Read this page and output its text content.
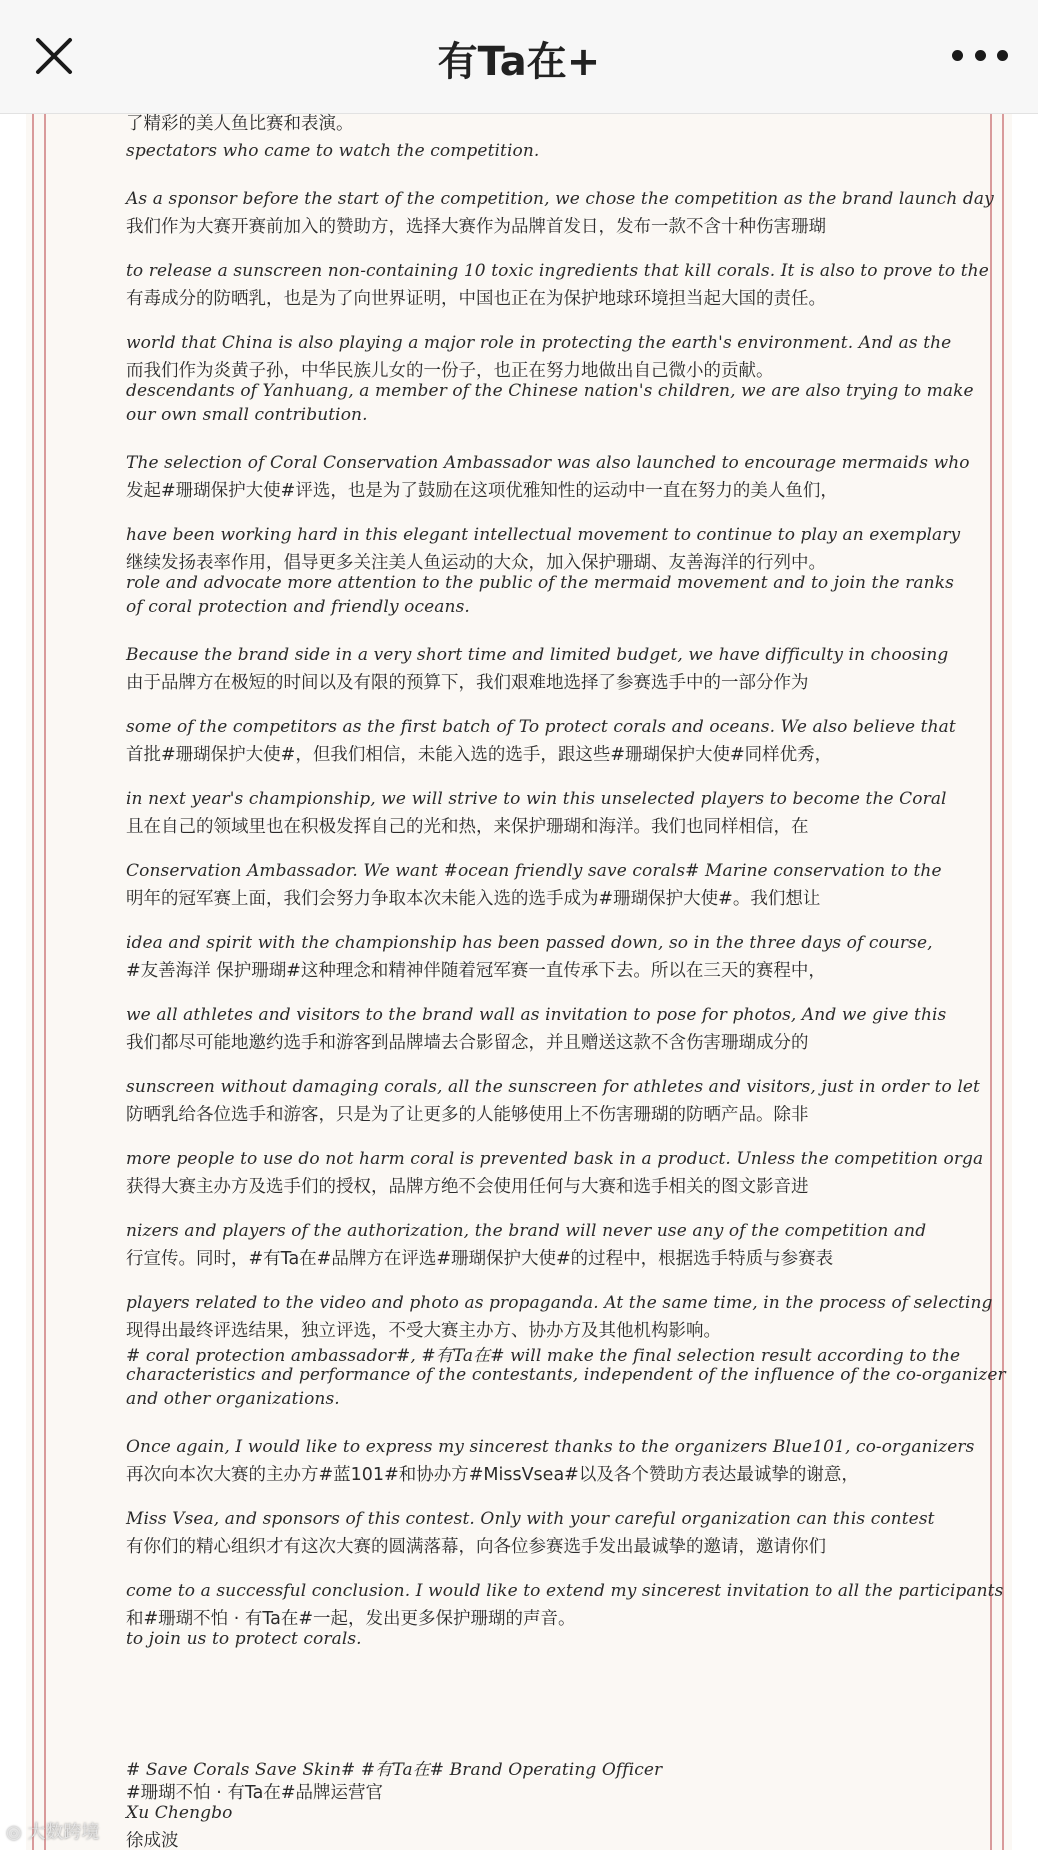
有Ta在+
了精彩的美人鱼比赛和表演。
spectators who came to watch the competition.
As a sponsor before the start of the competition, we chose the competition as the brand launch day
我们作为大赛开赛前加入的赞助方，选择大赛作为品牌首发日，发布一款不含十种伤害珊瑚
to release a sunscreen non-containing 10 toxic ingredients that kill corals. It is also to prove to the
有毒成分的防晒乳，也是为了向世界证明，中国也正在为保护地球环境担当起大国的责任。
world that China is also playing a major role in protecting the earth's environment. And as the
而我们作为炎黄子孙，中华民族儿女的一份子，也正在努力地做出自己微小的贡献。
descendants of Yanhuang, a member of the Chinese nation's children, we are also trying to make
our own small contribution.
The selection of Coral Conservation Ambassador was also launched to encourage mermaids who
发起#珊瑚保护大使#评选，也是为了鼓励在这项优雅知性的运动中一直在努力的美人鱼们，
have been working hard in this elegant intellectual movement to continue to play an exemplary
继续发扬表率作用，倡导更多关注美人鱼运动的大众，加入保护珊瑚、友善海洋的行列中。
role and advocate more attention to the public of the mermaid movement and to join the ranks
of coral protection and friendly oceans.
Because the brand side in a very short time and limited budget, we have difficulty in choosing
由于品牌方在极短的时间以及有限的预算下，我们艰难地选择了参赛选手中的一部分作为
some of the competitors as the first batch of To protect corals and oceans. We also believe that
首批#珊瑚保护大使#，但我们相信，未能入选的选手，跟这些#珊瑚保护大使#同样优秀，
in next year's championship, we will strive to win this unselected players to become the Coral
且在自己的领域里也在积极发挥自己的光和热，来保护珊瑚和海洋。我们也同样相信，在
Conservation Ambassador. We want #ocean friendly save corals# Marine conservation to the
明年的冠军赛上面，我们会努力争取本次未能入选的选手成为#珊瑚保护大使#。我们想让
idea and spirit with the championship has been passed down, so in the three days of course,
#友善海洋 保护珊瑚#这种理念和精神伴随着冠军赛一直传承下去。所以在三天的赛程中，
we all athletes and visitors to the brand wall as invitation to pose for photos, And we give this
我们都尽可能地邀约选手和游客到品牌墙去合影留念，并且赠送这款不含伤害珊瑚成分的
sunscreen without damaging corals, all the sunscreen for athletes and visitors, just in order to let
防晒乳给各位选手和游客，只是为了让更多的人能够使用上不伤害珊瑚的防晒产品。除非
more people to use do not harm coral is prevented bask in a product. Unless the competition orga
获得大赛主办方及选手们的授权，品牌方绝不会使用任何与大赛和选手相关的图文影音进
nizers and players of the authorization, the brand will never use any of the competition and
行宣传。同时，#有Ta在#品牌方在评选#珊瑚保护大使#的过程中，根据选手特质与参赛表
players related to the video and photo as propaganda. At the same time, in the process of selecting
现得出最终评选结果，独立评选，不受大赛主办方、协办方及其他机构影响。
# coral protection ambassador#, #有Ta在# will make the final selection result according to the
characteristics and performance of the contestants, independent of the influence of the co-organizer
and other organizations.
Once again, I would like to express my sincerest thanks to the organizers Blue101, co-organizers
再次向本次大赛的主办方#蓝101#和协办方#MissVsea#以及各个赞助方表达最诚挚的谢意，
Miss Vsea, and sponsors of this contest. Only with your careful organization can this contest
有你们的精心组织才有这次大赛的圆满落幕，向各位参赛选手发出最诚挚的邀请，邀请你们
come to a successful conclusion. I would like to extend my sincerest invitation to all the participants
和#珊瑚不怕 · 有Ta在#一起，发出更多保护珊瑚的声音。
to join us to protect corals.
# Save Corals Save Skin# #有Ta在# Brand Operating Officer
#珊瑚不怕 · 有Ta在#品牌运营官
Xu Chengbo
徐成波
◎ 大数跨境
